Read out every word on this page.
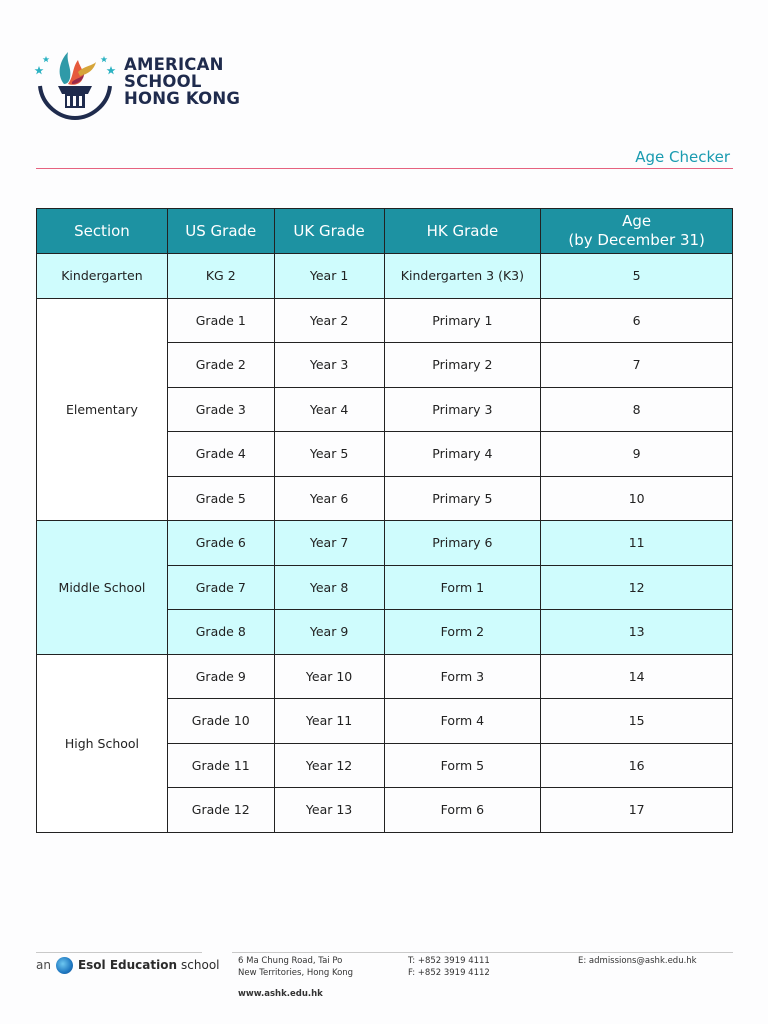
AMERICAN
SCHOOL
HONG KONG
Age Checker
Section	US Grade	UK Grade	HK Grade	Age
(by December 31)

Kindergarten	KG 2	Year 1	Kindergarten 3 (K3)	5
Elementary	Grade 1	Year 2	Primary 1	6
	Grade 2	Year 3	Primary 2	7
	Grade 3	Year 4	Primary 3	8
	Grade 4	Year 5	Primary 4	9
	Grade 5	Year 6	Primary 5	10
Middle School	Grade 6	Year 7	Primary 6	11
	Grade 7	Year 8	Form 1	12
	Grade 8	Year 9	Form 2	13
High School	Grade 9	Year 10	Form 3	14
	Grade 10	Year 11	Form 4	15
	Grade 11	Year 12	Form 5	16
	Grade 12	Year 13	Form 6	17
an Esol Education school 6 Ma Chung Road, Tai Po
New Territories, Hong Kong
T: +852 3919 4111
F: +852 3919 4112
E: admissions@ashk.edu.hk
www.ashk.edu.hk
